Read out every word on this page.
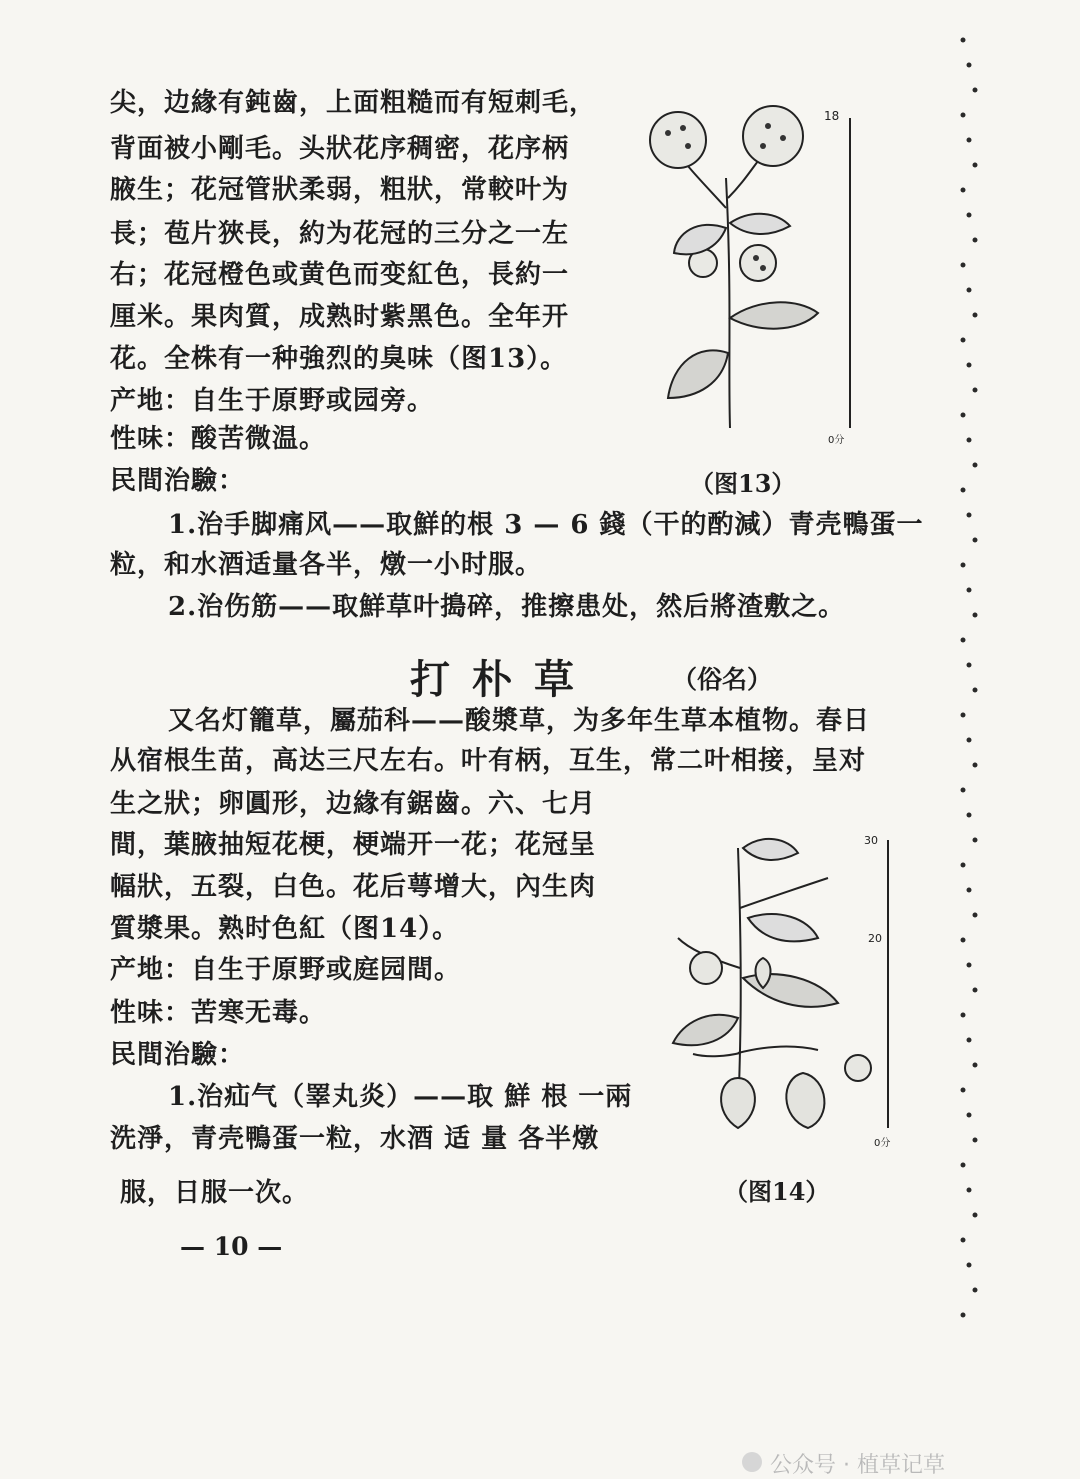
尖，边緣有鈍齒，上面粗糙而有短刺毛，
背面被小剛毛。头狀花序稠密，花序柄
腋生；花冠管狀柔弱，粗狀，常較叶为
長；苞片狹長，約为花冠的三分之一左
右；花冠橙色或黄色而变紅色，長約一
厘米。果肉質，成熟时紫黑色。全年开
花。全株有一种強烈的臭味（图13）。
产地：自生于原野或园旁。
性味：酸苦微温。
民間治驗：
1.治手脚痛风——取鮮的根 3 — 6 錢（干的酌減）青壳鴨蛋一
粒，和水酒适量各半，燉一小时服。
2.治伤筋——取鮮草叶搗碎，推擦患处，然后將渣敷之。
18
0分
（图13）
打朴草	（俗名）
又名灯籠草，屬茄科——酸漿草，为多年生草本植物。春日
从宿根生苗，高达三尺左右。叶有柄，互生，常二叶相接，呈对
生之狀；卵圓形，边緣有鋸齒。六、七月
間，葉腋抽短花梗，梗端开一花；花冠呈
幅狀，五裂，白色。花后萼增大，內生肉
質漿果。熟时色紅（图14）。
产地：自生于原野或庭园間。
性味：苦寒无毒。
民間治驗：
1.治疝气（睪丸炎）——取 鮮 根 一兩
洗淨，青壳鴨蛋一粒，水酒 适 量 各半燉
服，日服一次。
30
20
0分
（图14）
— 10 —
公众号 · 植草记草
